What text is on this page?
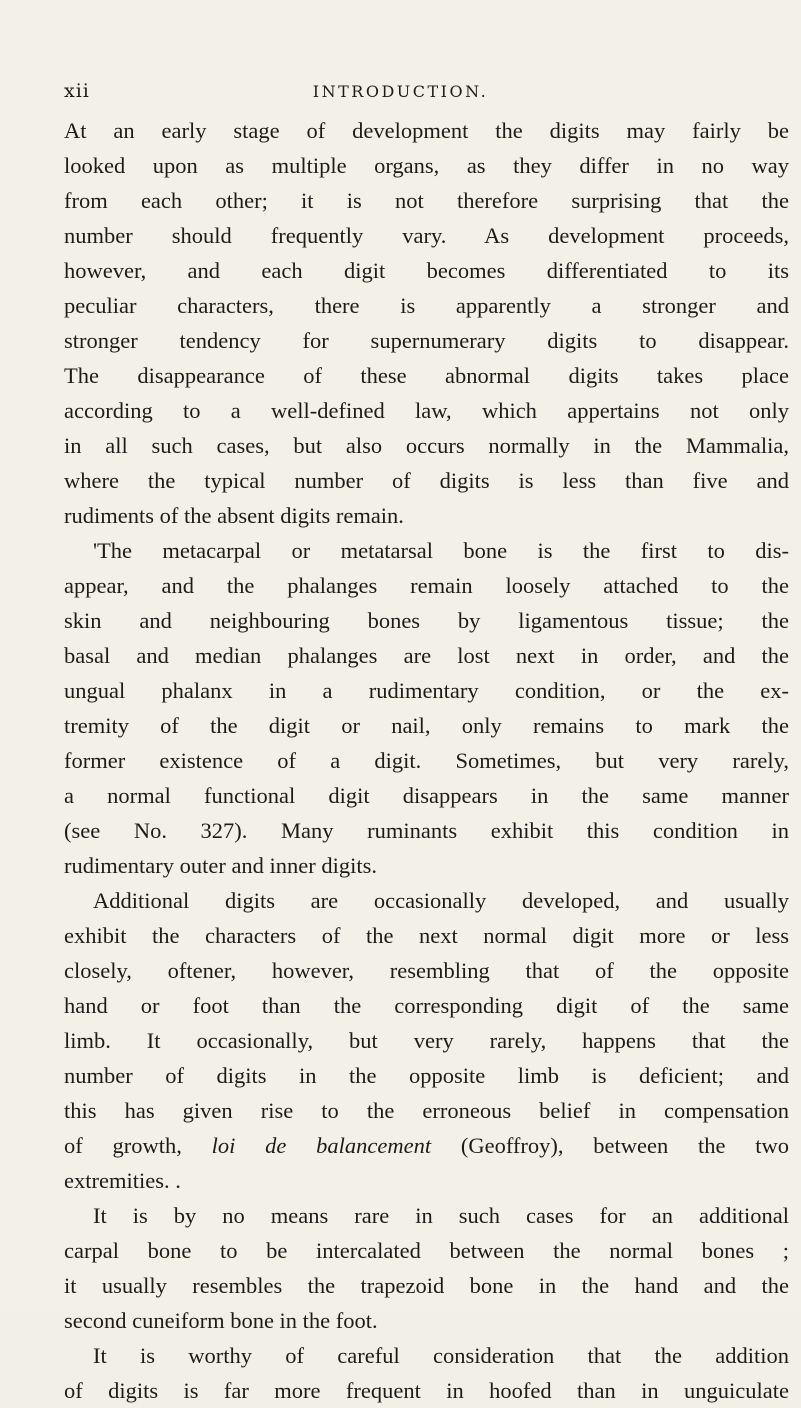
xii	INTRODUCTION.
At an early stage of development the digits may fairly be
looked upon as multiple organs, as they differ in no way
from each other; it is not therefore surprising that the
number should frequently vary. As development proceeds,
however, and each digit becomes differentiated to its
peculiar characters, there is apparently a stronger and
stronger tendency for supernumerary digits to disappear.
The disappearance of these abnormal digits takes place
according to a well-defined law, which appertains not only
in all such cases, but also occurs normally in the Mammalia,
where the typical number of digits is less than five and
rudiments of the absent digits remain.
'The metacarpal or metatarsal bone is the first to dis-
appear, and the phalanges remain loosely attached to the
skin and neighbouring bones by ligamentous tissue; the
basal and median phalanges are lost next in order, and the
ungual phalanx in a rudimentary condition, or the ex-
tremity of the digit or nail, only remains to mark the
former existence of a digit. Sometimes, but very rarely,
a normal functional digit disappears in the same manner
(see No. 327). Many ruminants exhibit this condition in
rudimentary outer and inner digits.
Additional digits are occasionally developed, and usually
exhibit the characters of the next normal digit more or less
closely, oftener, however, resembling that of the opposite
hand or foot than the corresponding digit of the same
limb. It occasionally, but very rarely, happens that the
number of digits in the opposite limb is deficient; and
this has given rise to the erroneous belief in compensation
of growth, loi de balancement (Geoffroy), between the two
extremities. .
It is by no means rare in such cases for an additional
carpal bone to be intercalated between the normal bones ;
it usually resembles the trapezoid bone in the hand and the
second cuneiform bone in the foot.
It is worthy of careful consideration that the addition
of digits is far more frequent in hoofed than in unguiculate
